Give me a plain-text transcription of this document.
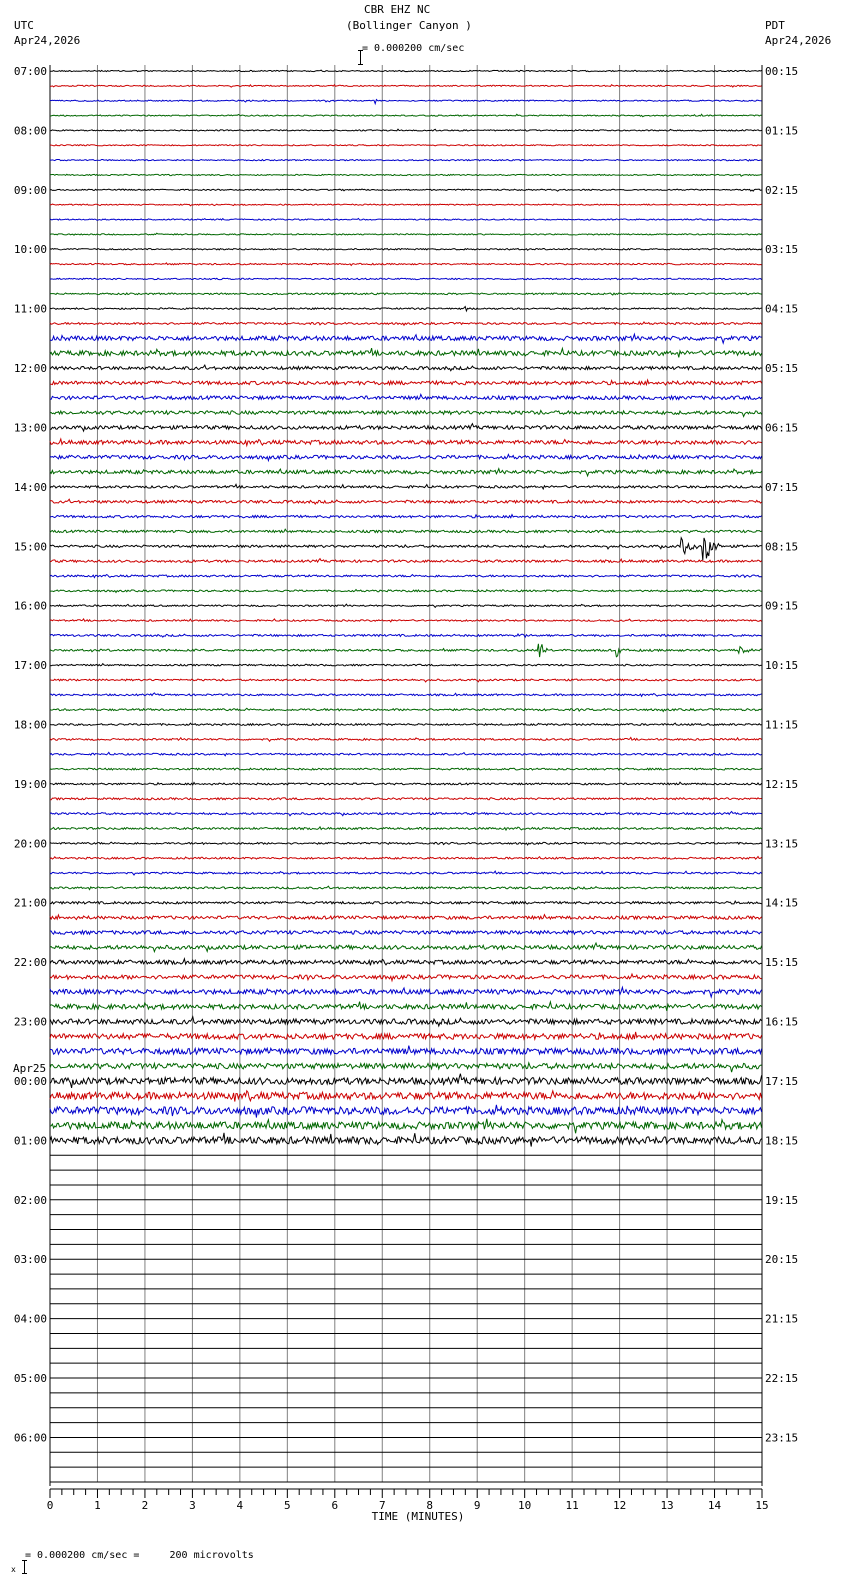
CBR EHZ NC
(Bollinger Canyon )

= 0.000200 cm/sec
UTC
Apr24,2026
PDT
Apr24,2026
07:00
08:00
09:00
10:00
11:00
12:00
13:00
14:00
15:00
16:00
17:00
18:00
19:00
20:00
21:00
22:00
23:00
00:00
01:00
02:00
03:00
04:00
05:00
06:00
00:15
01:15
02:15
03:15
04:15
05:15
06:15
07:15
08:15
09:15
10:15
11:15
12:15
13:15
14:15
15:15
16:15
17:15
18:15
19:15
20:15
21:15
22:15
23:15
Apr25
0	1	2	3	4	5	6	7	8	9	10	11	12	13	14	15
TIME (MINUTES)

x

= 0.000200 cm/sec =     200 microvolts
